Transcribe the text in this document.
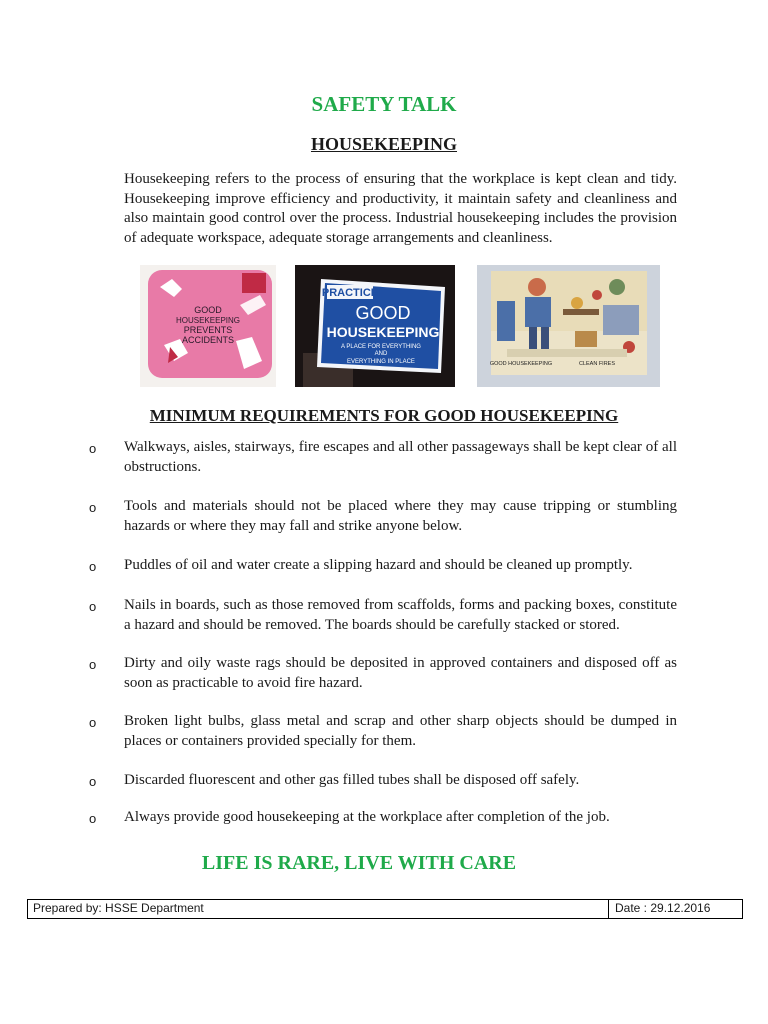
SAFETY TALK
HOUSEKEEPING
Housekeeping refers to the process of ensuring that the workplace is kept clean and tidy. Housekeeping improve efficiency and productivity, it maintain safety and cleanliness and also maintain good control over the process. Industrial housekeeping includes the provision of adequate workspace, adequate storage arrangements and cleanliness.
GOOD
HOUSEKEEPING
PREVENTS
ACCIDENTS
PRACTICE
GOOD
HOUSEKEEPING
A PLACE FOR EVERYTHING
AND
EVERYTHING IN PLACE	GOOD HOUSEKEEPING	CLEAN FIRES
MINIMUM REQUIREMENTS FOR GOOD HOUSEKEEPING
o Walkways, aisles, stairways, fire escapes and all other passageways shall be kept clear of all obstructions.
o Tools and materials should not be placed where they may cause tripping or stumbling hazards or where they may fall and strike anyone below.
o Puddles of oil and water create a slipping hazard and should be cleaned up promptly.
o Nails in boards, such as those removed from scaffolds, forms and packing boxes, constitute a hazard and should be removed. The boards should be carefully stacked or stored.
o Dirty and oily waste rags should be deposited in approved containers and disposed off as soon as practicable to avoid fire hazard.
o Broken light bulbs, glass metal and scrap and other sharp objects should be dumped in places or containers provided specially for them.
o Discarded fluorescent and other gas filled tubes shall be disposed off safely.
o Always provide good housekeeping at the workplace after completion of the job.
LIFE IS RARE, LIVE WITH CARE
Prepared by: HSSE Department	Date : 29.12.2016
